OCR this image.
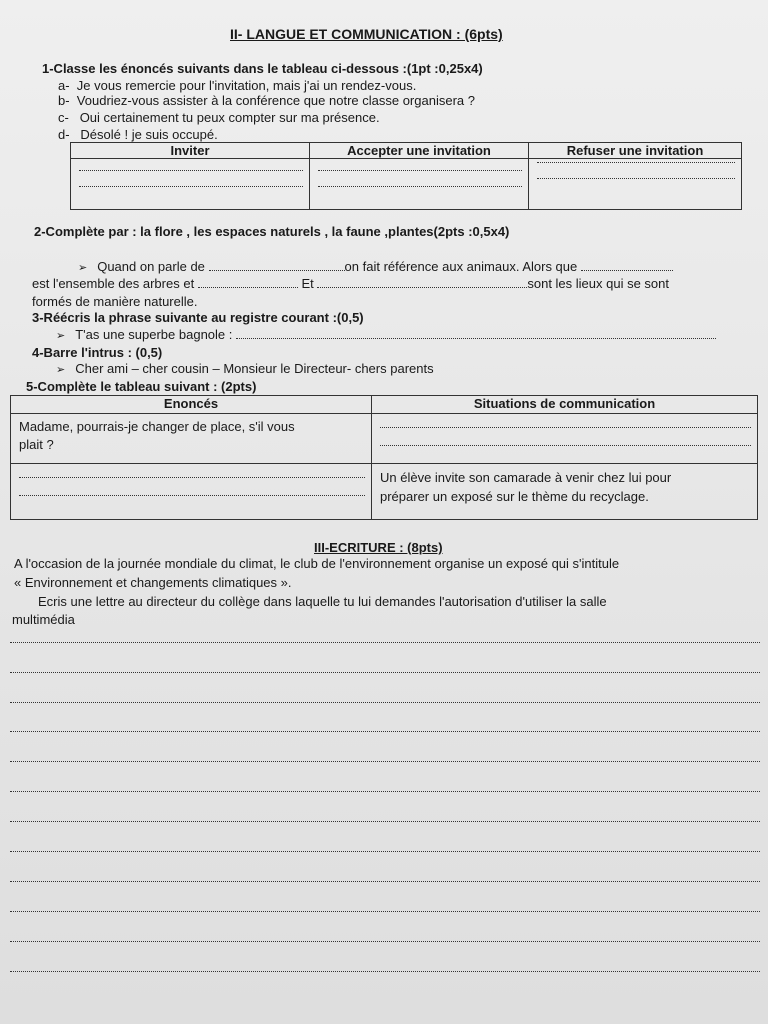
II- LANGUE ET COMMUNICATION : (6pts)
1-Classe les énoncés suivants dans le tableau ci-dessous :(1pt :0,25x4)
a- Je vous remercie pour l'invitation, mais j'ai un rendez-vous.
b- Voudriez-vous assister à la conférence que notre classe organisera ?
c- Oui certainement tu peux compter sur ma présence.
d- Désolé ! je suis occupé.
Inviter	Accepter une invitation	Refuser une invitation

2-Complète par : la flore , les espaces naturels , la faune ,plantes(2pts :0,5x4)
➢ Quand on parle de	on fait référence aux animaux. Alors que
est l'ensemble des arbres et	Et	sont les lieux qui se sont
formés de manière naturelle.
3-Réécris la phrase suivante au registre courant :(0,5)
➢ T'as une superbe bagnole :
4-Barre l'intrus : (0,5)
➢ Cher ami – cher cousin – Monsieur le Directeur- chers parents
5-Complète le tableau suivant : (2pts)
Enoncés	Situations de communication

Madame, pourrais-je changer de place, s'il vous
plait ?	

	Un élève invite son camarade à venir chez lui pour
préparer un exposé sur le thème du recyclage.
III-ECRITURE : (8pts)
A l'occasion de la journée mondiale du climat, le club de l'environnement organise un exposé qui s'intitule
« Environnement et changements climatiques ».
Ecris une lettre au directeur du collège dans laquelle tu lui demandes l'autorisation d'utiliser la salle
multimédia
